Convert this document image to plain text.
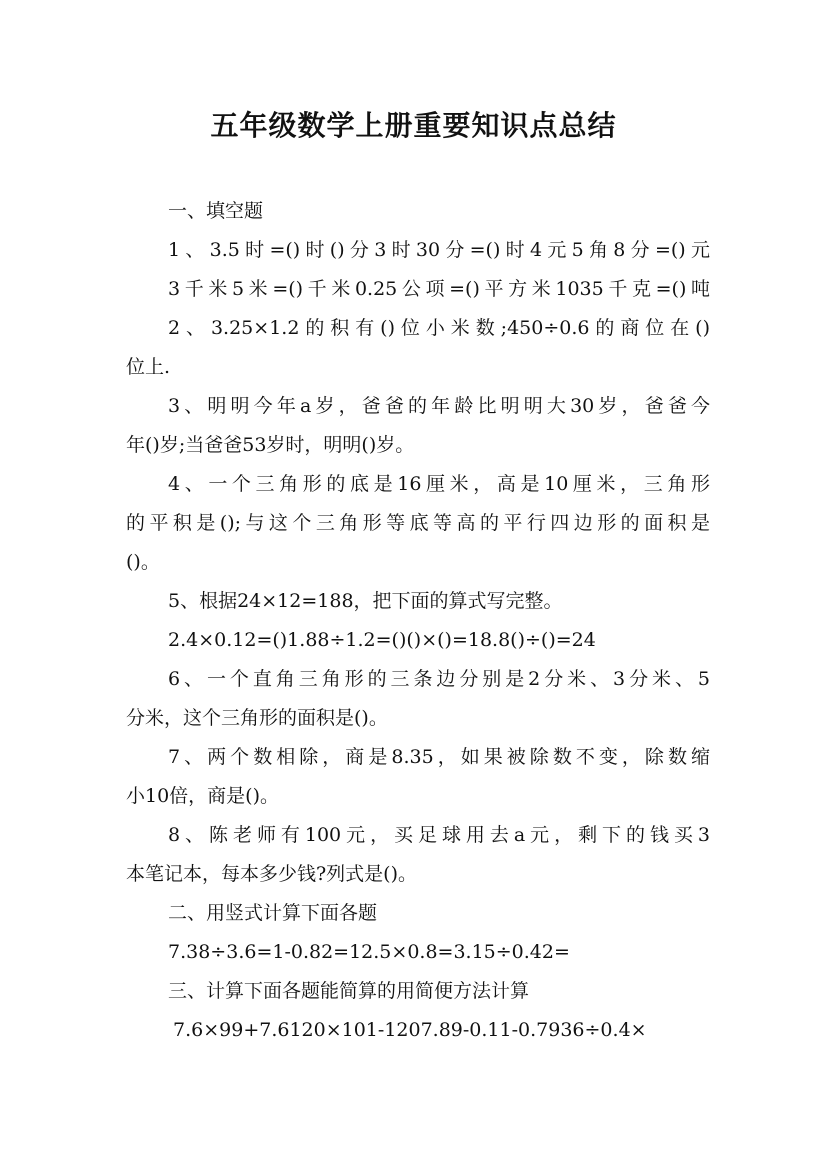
五年级数学上册重要知识点总结
一、填空题
1、3.5时=()时()分3时30分=()时4元5角8分=()元
3千米5米=()千米0.25公项=()平方米1035千克=()吨
2、3.25×1.2的积有()位小米数;450÷0.6的商位在()
位上.
3、明明今年a岁，爸爸的年龄比明明大30岁，爸爸今
年()岁;当爸爸53岁时，明明()岁。
4、一个三角形的底是16厘米，高是10厘米，三角形
的平积是();与这个三角形等底等高的平行四边形的面积是
()。
5、根据24×12=188，把下面的算式写完整。
2.4×0.12=()1.88÷1.2=()()×()=18.8()÷()=24
6、一个直角三角形的三条边分别是2分米、3分米、5
分米，这个三角形的面积是()。
7、两个数相除，商是8.35，如果被除数不变，除数缩
小10倍，商是()。
8、陈老师有100元，买足球用去a元，剩下的钱买3
本笔记本，每本多少钱?列式是()。
二、用竖式计算下面各题
7.38÷3.6=1-0.82=12.5×0.8=3.15÷0.42=
三、计算下面各题能简算的用简便方法计算
7.6×99+7.6120×101-1207.89-0.11-0.7936÷0.4×
